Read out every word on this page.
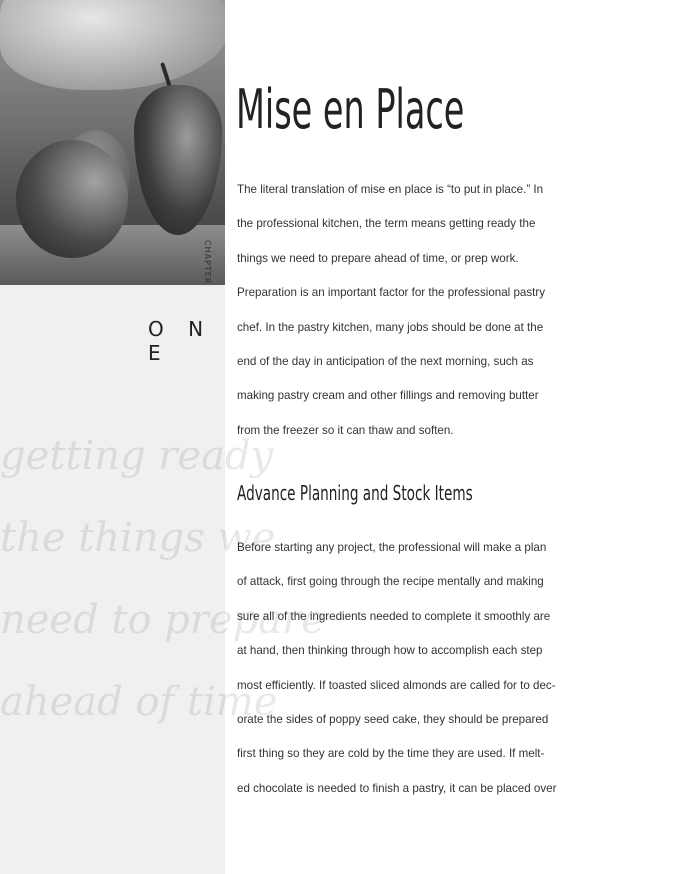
CHAPTER
O N E
getting ready
the things we
need to prepare
ahead of time
Mise en Place
The literal translation of mise en place is “to put in place.” In
the professional kitchen, the term means getting ready the
things we need to prepare ahead of time, or prep work.
Preparation is an important factor for the professional pastry
chef. In the pastry kitchen, many jobs should be done at the
end of the day in anticipation of the next morning, such as
making pastry cream and other fillings and removing butter
from the freezer so it can thaw and soften.
Advance Planning and Stock Items
Before starting any project, the professional will make a plan
of attack, first going through the recipe mentally and making
sure all of the ingredients needed to complete it smoothly are
at hand, then thinking through how to accomplish each step
most efficiently. If toasted sliced almonds are called for to dec-
orate the sides of poppy seed cake, they should be prepared
first thing so they are cold by the time they are used. If melt-
ed chocolate is needed to finish a pastry, it can be placed over
